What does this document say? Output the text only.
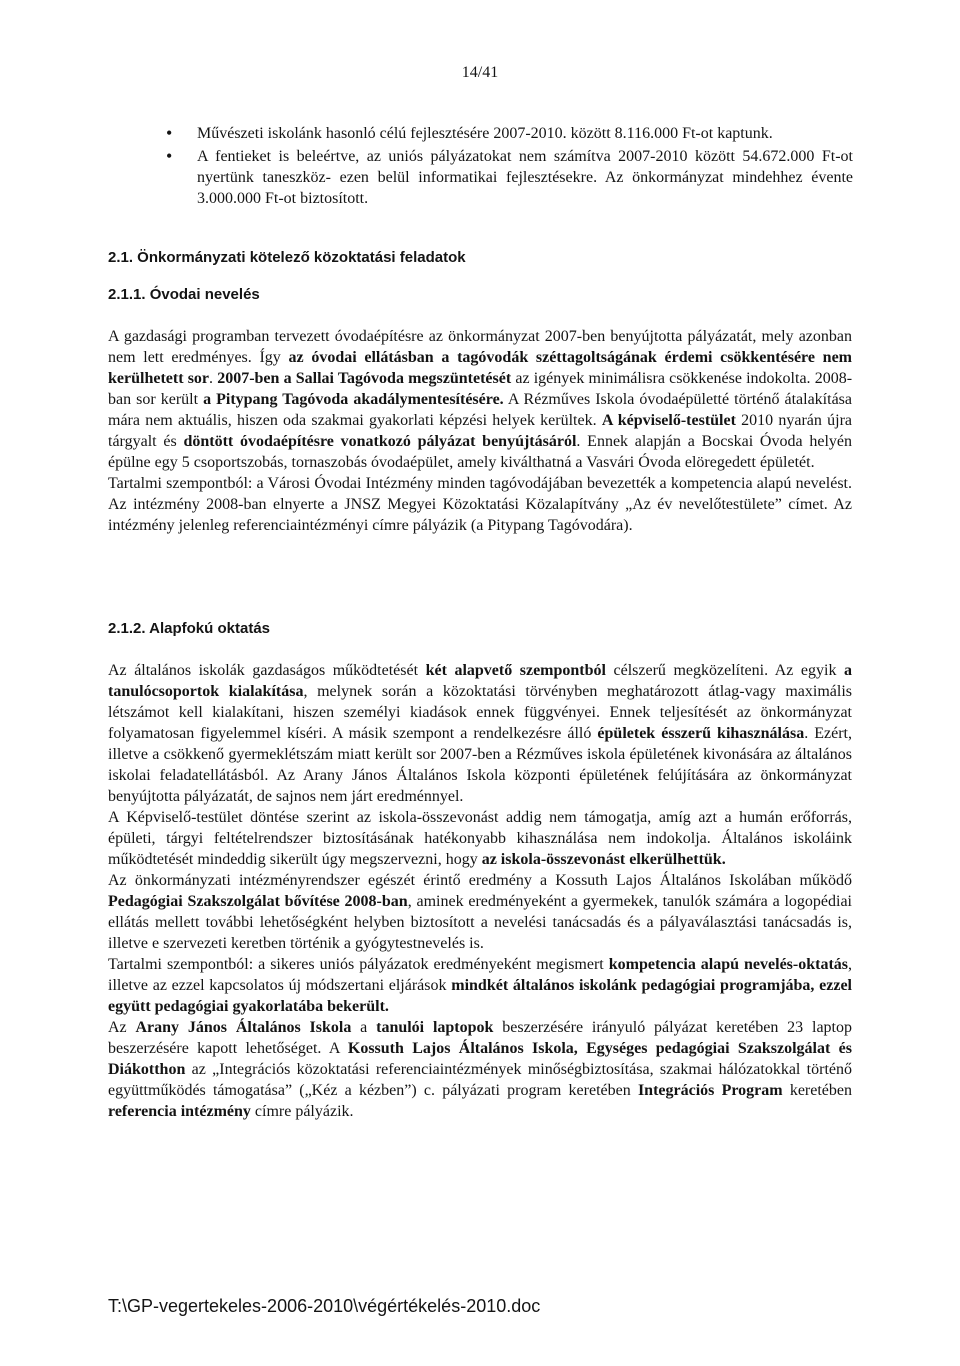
14/41
• Művészeti iskolánk hasonló célú fejlesztésére 2007-2010. között 8.116.000 Ft-ot kaptunk.
• A fentieket is beleértve, az uniós pályázatokat nem számítva 2007-2010 között 54.672.000 Ft-ot nyertünk taneszköz- ezen belül informatikai fejlesztésekre. Az önkormányzat mindehhez évente 3.000.000 Ft-ot biztosított.
2.1. Önkormányzati kötelező közoktatási feladatok
2.1.1. Óvodai nevelés

A gazdasági programban tervezett óvodaépítésre az önkormányzat 2007-ben benyújtotta pályázatát, mely azonban nem lett eredményes. Így az óvodai ellátásban a tagóvodák széttagoltságának érdemi csökkentésére nem kerülhetett sor. 2007-ben a Sallai Tagóvoda megszüntetését az igények minimálisra csökkenése indokolta. 2008-ban sor került a Pitypang Tagóvoda akadálymentesítésére. A Rézműves Iskola óvodaépületté történő átalakítása mára nem aktuális, hiszen oda szakmai gyakorlati képzési helyek kerültek. A képviselő-testület 2010 nyarán újra tárgyalt és döntött óvodaépítésre vonatkozó pályázat benyújtásáról. Ennek alapján a Bocskai Óvoda helyén épülne egy 5 csoportszobás, tornaszobás óvodaépület, amely kiválthatná a Vasvári Óvoda elöregedett épületét.

Tartalmi szempontból: a Városi Óvodai Intézmény minden tagóvodájában bevezették a kompetencia alapú nevelést. Az intézmény 2008-ban elnyerte a JNSZ Megyei Közoktatási Közalapítvány „Az év nevelőtestülete” címet. Az intézmény jelenleg referenciaintézményi címre pályázik (a Pitypang Tagóvodára).

2.1.2. Alapfokú oktatás

Az általános iskolák gazdaságos működtetését két alapvető szempontból célszerű megközelíteni. Az egyik a tanulócsoportok kialakítása, melynek során a közoktatási törvényben meghatározott átlag-vagy maximális létszámot kell kialakítani, hiszen személyi kiadások ennek függvényei. Ennek teljesítését az önkormányzat folyamatosan figyelemmel kíséri. A másik szempont a rendelkezésre álló épületek ésszerű kihasználása. Ezért, illetve a csökkenő gyermeklétszám miatt került sor 2007-ben a Rézműves iskola épületének kivonására az általános iskolai feladatellátásból. Az Arany János Általános Iskola központi épületének felújítására az önkormányzat benyújtotta pályázatát, de sajnos nem járt eredménnyel.

A Képviselő-testület döntése szerint az iskola-összevonást addig nem támogatja, amíg azt a humán erőforrás, épületi, tárgyi feltételrendszer biztosításának hatékonyabb kihasználása nem indokolja. Általános iskoláink működtetését mindeddig sikerült úgy megszervezni, hogy az iskola-összevonást elkerülhettük.

Az önkormányzati intézményrendszer egészét érintő eredmény a Kossuth Lajos Általános Iskolában működő Pedagógiai Szakszolgálat bővítése 2008-ban, aminek eredményeként a gyermekek, tanulók számára a logopédiai ellátás mellett további lehetőségként helyben biztosított a nevelési tanácsadás és a pályaválasztási tanácsadás is, illetve e szervezeti keretben történik a gyógytestnevelés is.

Tartalmi szempontból: a sikeres uniós pályázatok eredményeként megismert kompetencia alapú nevelés-oktatás, illetve az ezzel kapcsolatos új módszertani eljárások mindkét általános iskolánk pedagógiai programjába, ezzel együtt pedagógiai gyakorlatába bekerült.

Az Arany János Általános Iskola a tanulói laptopok beszerzésére irányuló pályázat keretében 23 laptop beszerzésére kapott lehetőséget. A Kossuth Lajos Általános Iskola, Egységes pedagógiai Szakszolgálat és Diákotthon az „Integrációs közoktatási referenciaintézmények minőségbiztosítása, szakmai hálózatokkal történő együttműködés támogatása” („Kéz a kézben”) c. pályázati program keretében Integrációs Program keretében referencia intézmény címre pályázik.

T:\GP-vegertekeles-2006-2010\végértékelés-2010.doc
